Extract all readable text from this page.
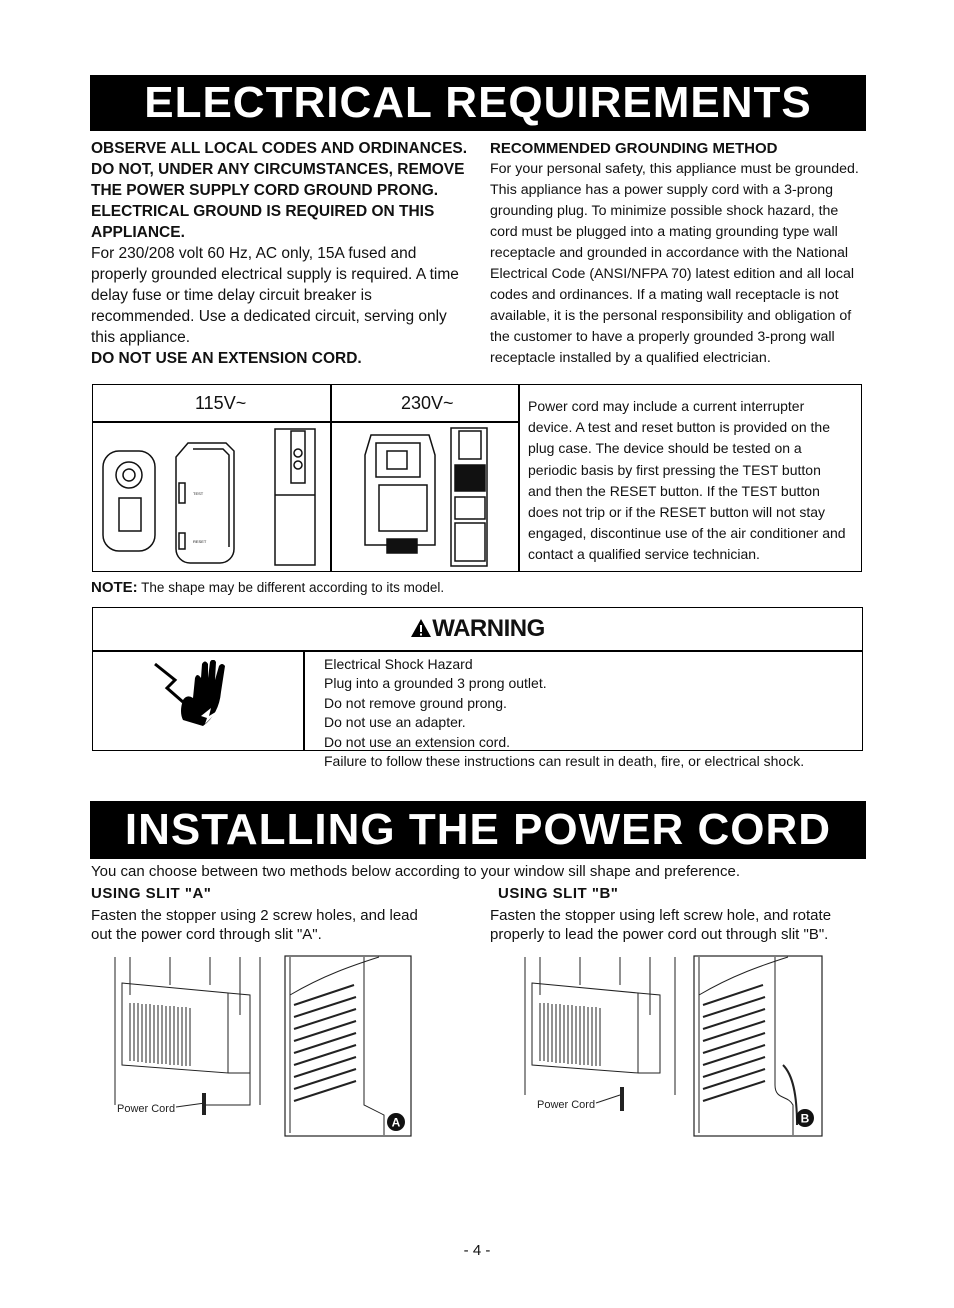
ELECTRICAL REQUIREMENTS
OBSERVE ALL LOCAL CODES AND ORDINANCES.
DO NOT, UNDER ANY CIRCUMSTANCES, REMOVE
THE POWER SUPPLY CORD GROUND PRONG.
ELECTRICAL GROUND IS REQUIRED ON THIS
APPLIANCE.
For 230/208 volt 60 Hz, AC only, 15A fused and
properly grounded electrical supply is required. A time
delay fuse or time delay circuit breaker is
recommended. Use a dedicated circuit, serving only
this appliance.
DO NOT USE AN EXTENSION CORD.
RECOMMENDED GROUNDING METHOD
For your personal safety, this appliance must be grounded.
This appliance has a power supply cord with a 3-prong
grounding plug. To minimize possible shock hazard, the
cord must be plugged into a mating grounding type wall
receptacle and grounded in accordance with the National
Electrical Code (ANSI/NFPA 70) latest edition and all local
codes and ordinances. If a mating wall receptacle is not
available, it is the personal responsibility and obligation of
the customer to have a properly grounded 3-prong wall
receptacle installed by a qualified electrician.
115V~	230V~
TEST
RESET
Power cord may include a current interrupter
device. A test and reset button is provided on the
plug case. The device should be tested on a
periodic basis by first pressing the TEST button
and then the RESET button. If the TEST button
does not trip or if the RESET button will not stay
engaged, discontinue use of the air conditioner and
contact a qualified service technician.
NOTE: The shape may be different according to its model.
WARNING
Electrical Shock Hazard
Plug into a grounded 3 prong outlet.
Do not remove ground prong.
Do not use an adapter.
Do not use an extension cord.
Failure to follow these instructions can result in death, fire, or electrical shock.
INSTALLING THE POWER CORD
You can choose between two methods below according to your window sill shape and preference.
USING SLIT "A"	USING SLIT "B"
Fasten the stopper using 2 screw holes, and lead
out the power cord through slit "A".
Fasten the stopper using left screw hole, and rotate
properly to lead the power cord out through slit "B".
Power Cord
A
Power Cord
B
- 4 -
